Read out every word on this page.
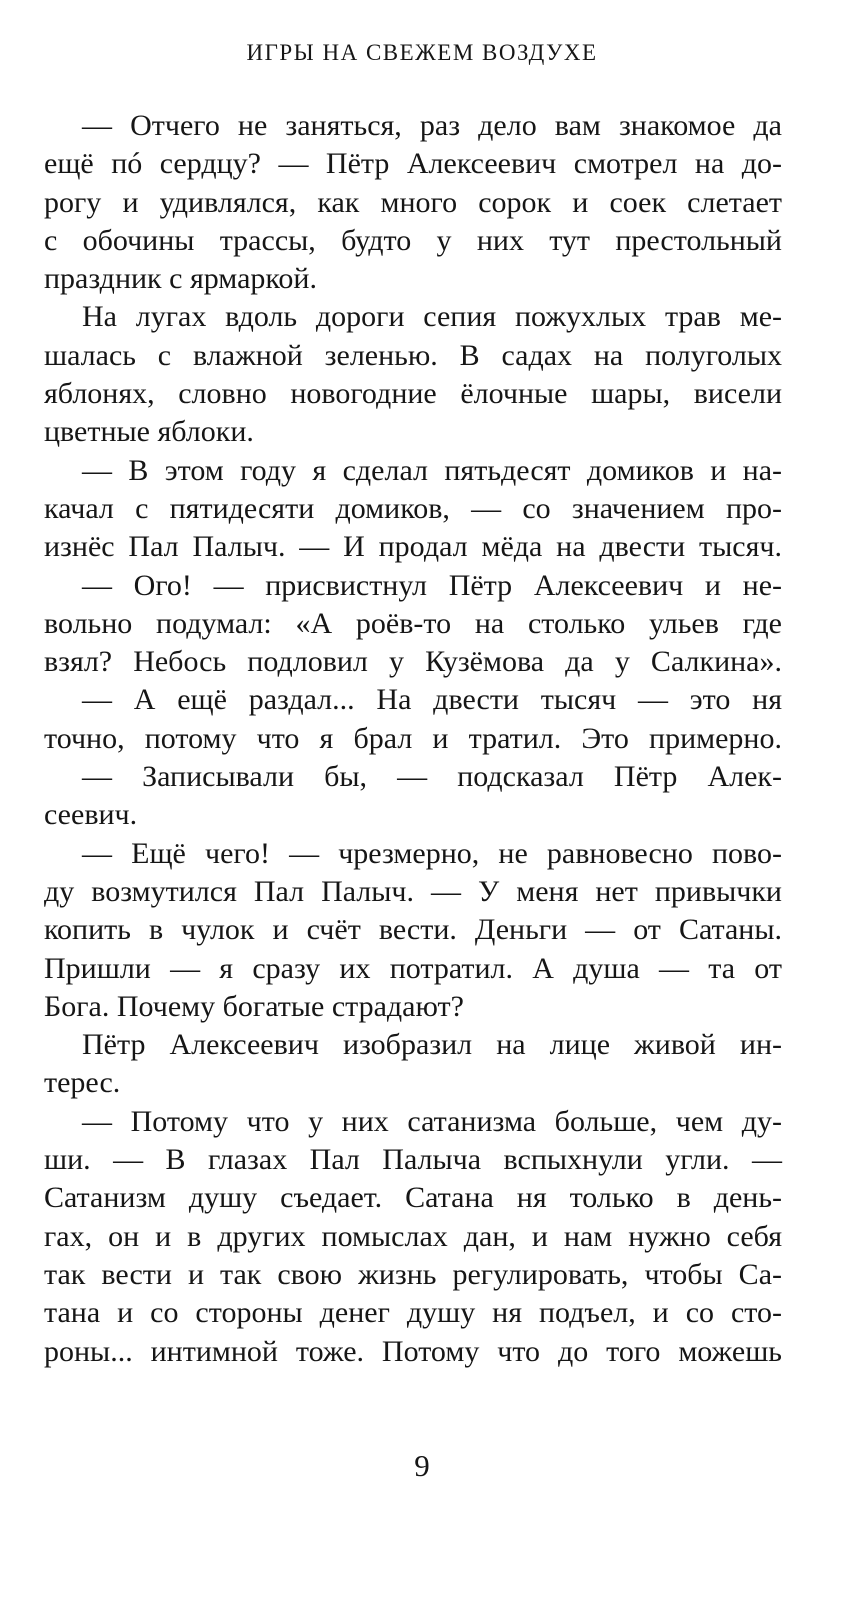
ИГРЫ НА СВЕЖЕМ ВОЗДУХЕ
— Отчего не заняться, раз дело вам знакомое да
ещё пó сердцу? — Пётр Алексеевич смотрел на до-
рогу и удивлялся, как много сорок и соек слетает
с обочины трассы, будто у них тут престольный
праздник с ярмаркой.
На лугах вдоль дороги сепия пожухлых трав ме-
шалась с влажной зеленью. В садах на полуголых
яблонях, словно новогодние ёлочные шары, висели
цветные яблоки.
— В этом году я сделал пятьдесят домиков и на-
качал с пятидесяти домиков, — со значением про-
изнёс Пал Палыч. — И продал мёда на двести тысяч.
— Ого! — присвистнул Пётр Алексеевич и не-
вольно подумал: «А роёв-то на столько ульев где
взял? Небось подловил у Кузёмова да у Салкина».
— А ещё раздал... На двести тысяч — это ня
точно, потому что я брал и тратил. Это примерно.
— Записывали бы, — подсказал Пётр Алек-
сеевич.
— Ещё чего! — чрезмерно, не равновесно пово-
ду возмутился Пал Палыч. — У меня нет привычки
копить в чулок и счёт вести. Деньги — от Сатаны.
Пришли — я сразу их потратил. А душа — та от
Бога. Почему богатые страдают?
Пётр Алексеевич изобразил на лице живой ин-
терес.
— Потому что у них сатанизма больше, чем ду-
ши. — В глазах Пал Палыча вспыхнули угли. —
Сатанизм душу съедает. Сатана ня только в день-
гах, он и в других помыслах дан, и нам нужно себя
так вести и так свою жизнь регулировать, чтобы Са-
тана и со стороны денег душу ня подъел, и со сто-
роны... интимной тоже. Потому что до того можешь
9
